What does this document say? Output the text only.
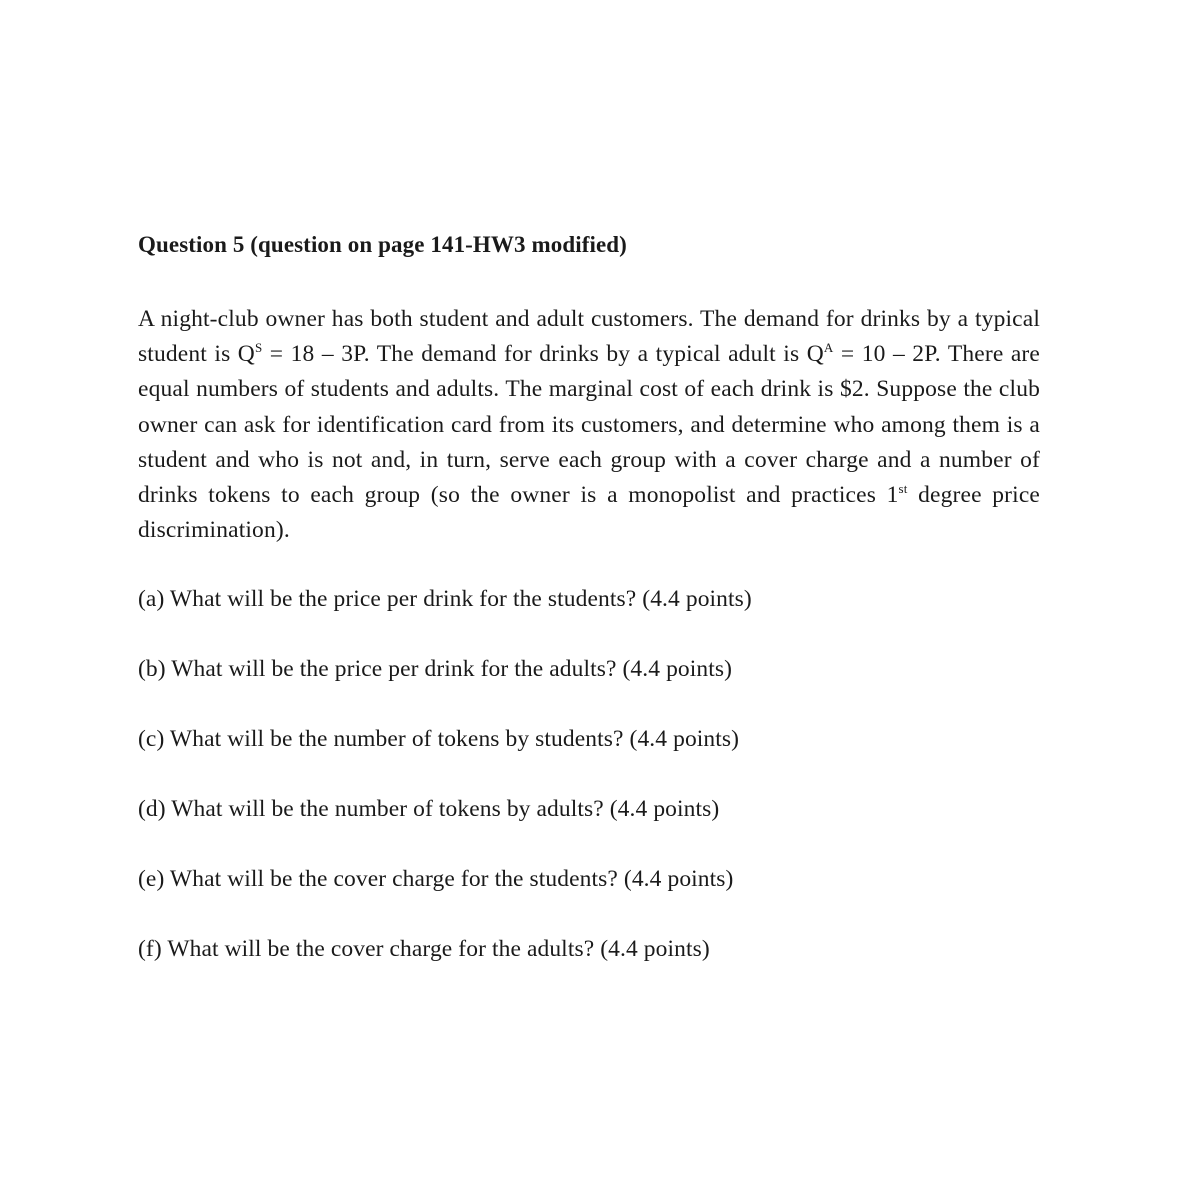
Question 5 (question on page 141-HW3 modified)

A night-club owner has both student and adult customers. The demand for drinks by a typical student is $Q^S = 18 - 3P$. The demand for drinks by a typical adult is $Q^A = 10 - 2P$. There are equal numbers of students and adults. The marginal cost of each drink is $2. Suppose the club owner can ask for identification card from its customers, and determine who among them is a student and who is not and, in turn, serve each group with a cover charge and a number of drinks tokens to each group (so the owner is a monopolist and practices 1st degree price discrimination).

(a) What will be the price per drink for the students? (4.4 points)
(b) What will be the price per drink for the adults? (4.4 points)
(c) What will be the number of tokens by students? (4.4 points)
(d) What will be the number of tokens by adults? (4.4 points)
(e) What will be the cover charge for the students? (4.4 points)
(f) What will be the cover charge for the adults? (4.4 points)
